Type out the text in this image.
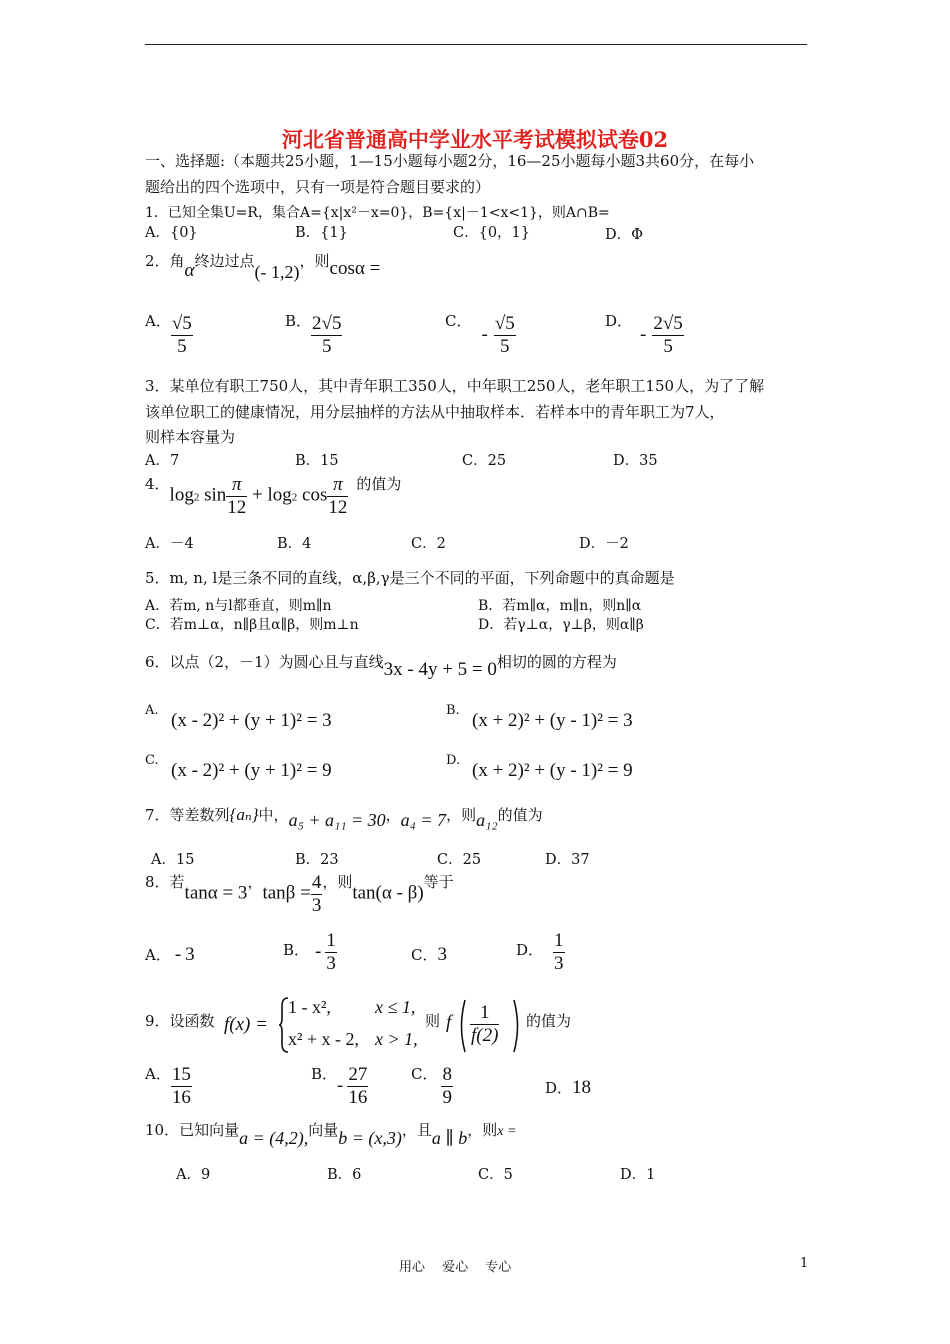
河北省普通高中学业水平考试模拟试卷02
一、选择题:（本题共25小题，1—15小题每小题2分，16—25小题每小题3共60分，在每小
题给出的四个选项中，只有一项是符合题目要求的）
1．已知全集U=R，集合A={x|x²－x=0}，B={x|－1<x<1}，则A∩B=
A．{0}	B．{1}	C．{0，1}	D．Φ
2．角α终边过点(- 1,2)，则cosα =
A． $\frac{√5}{5}$	B． $\frac{2√5}{5}$	C．- $\frac{√5}{5}$	D．- $\frac{2√5}{5}$
3．某单位有职工750人，其中青年职工350人，中年职工250人，老年职工150人，为了了解
该单位职工的健康情况，用分层抽样的方法从中抽取样本．若样本中的青年职工为7人，
则样本容量为
A．7	B．15	C．25	D．35
4．log2 $\sin \frac{\pi}{12} + \log 2$ $\cos \frac{\pi}{12}$ 的值为
A．－4	B．4	C．2	D．－2
5．m, n, l是三条不同的直线，α,β,γ是三个不同的平面，下列命题中的真命题是
A．若m, n与l都垂直，则m∥n	B．若m∥α，m∥n，则n∥α
C．若m⊥α，n∥β且α∥β，则m⊥n	D．若γ⊥α，γ⊥β，则α∥β
6．以点（2，－1）为圆心且与直线3x - 4y + 5 = 0相切的圆的方程为
A. (x - 2)² + (y + 1)² = 3	B. (x + 2)² + (y - 1)² = 3
C. (x - 2)² + (y + 1)² = 9	D. (x + 2)² + (y - 1)² = 9
7．等差数列{aₙ}中，a₅ + a₁₁ = 30，a₄ = 7，则a₁₂的值为
A．15	B．23	C．25	D．37
8．若tanα = 3，$\tan\beta = \frac{4}{3}$ ，则tan(α - β)等于
A． - 3	B． - $\frac{1}{3}$	C．3	D． $\frac{1}{3}$
9．设函数 f(x) =
1 - x², x ≤ 1,
x² + x - 2, x > 1,
则 f $\frac{1}{f(2)}$ 的值为
A． $\frac{15}{16}$	B．- $\frac{27}{16}$	C． $\frac{8}{9}$	D．18
10．已知向量a = (4,2),向量b = (x,3)，且a ∥ b，则x =
A．9	B．6	C．5	D．1
用心　 爱心　 专心	1
